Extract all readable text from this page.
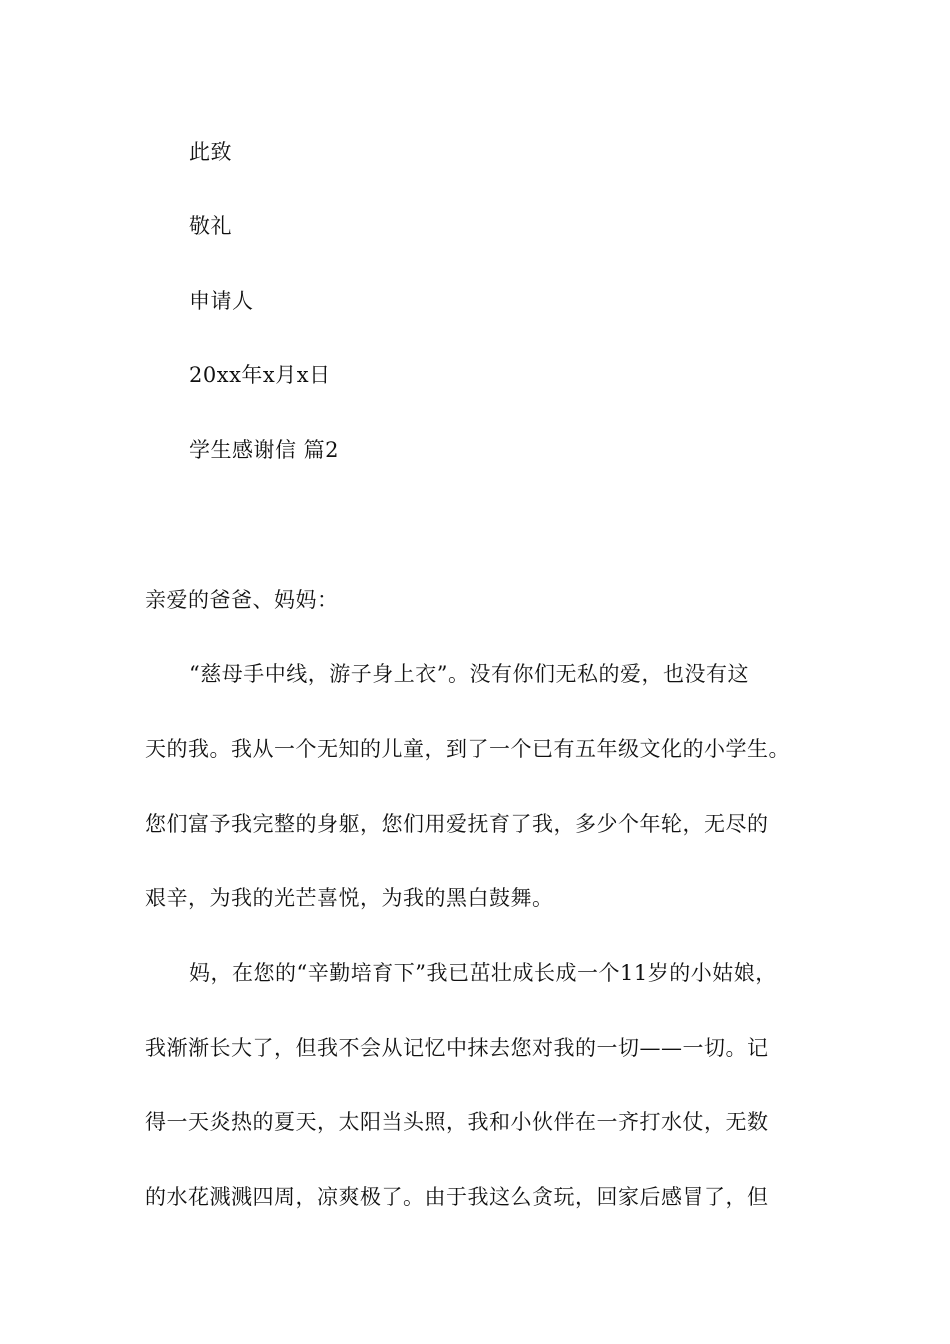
此致
敬礼
申请人
20xx年x月x日
学生感谢信 篇2
亲爱的爸爸、妈妈：
“慈母手中线，游子身上衣”。没有你们无私的爱，也没有这
天的我。我从一个无知的儿童，到了一个已有五年级文化的小学生。
您们富予我完整的身躯，您们用爱抚育了我，多少个年轮，无尽的
艰辛，为我的光芒喜悦，为我的黑白鼓舞。
妈，在您的“辛勤培育下”我已茁壮成长成一个11岁的小姑娘，
我渐渐长大了，但我不会从记忆中抹去您对我的一切——一切。记
得一天炎热的夏天，太阳当头照，我和小伙伴在一齐打水仗，无数
的水花溅溅四周，凉爽极了。由于我这么贪玩，回家后感冒了，但
